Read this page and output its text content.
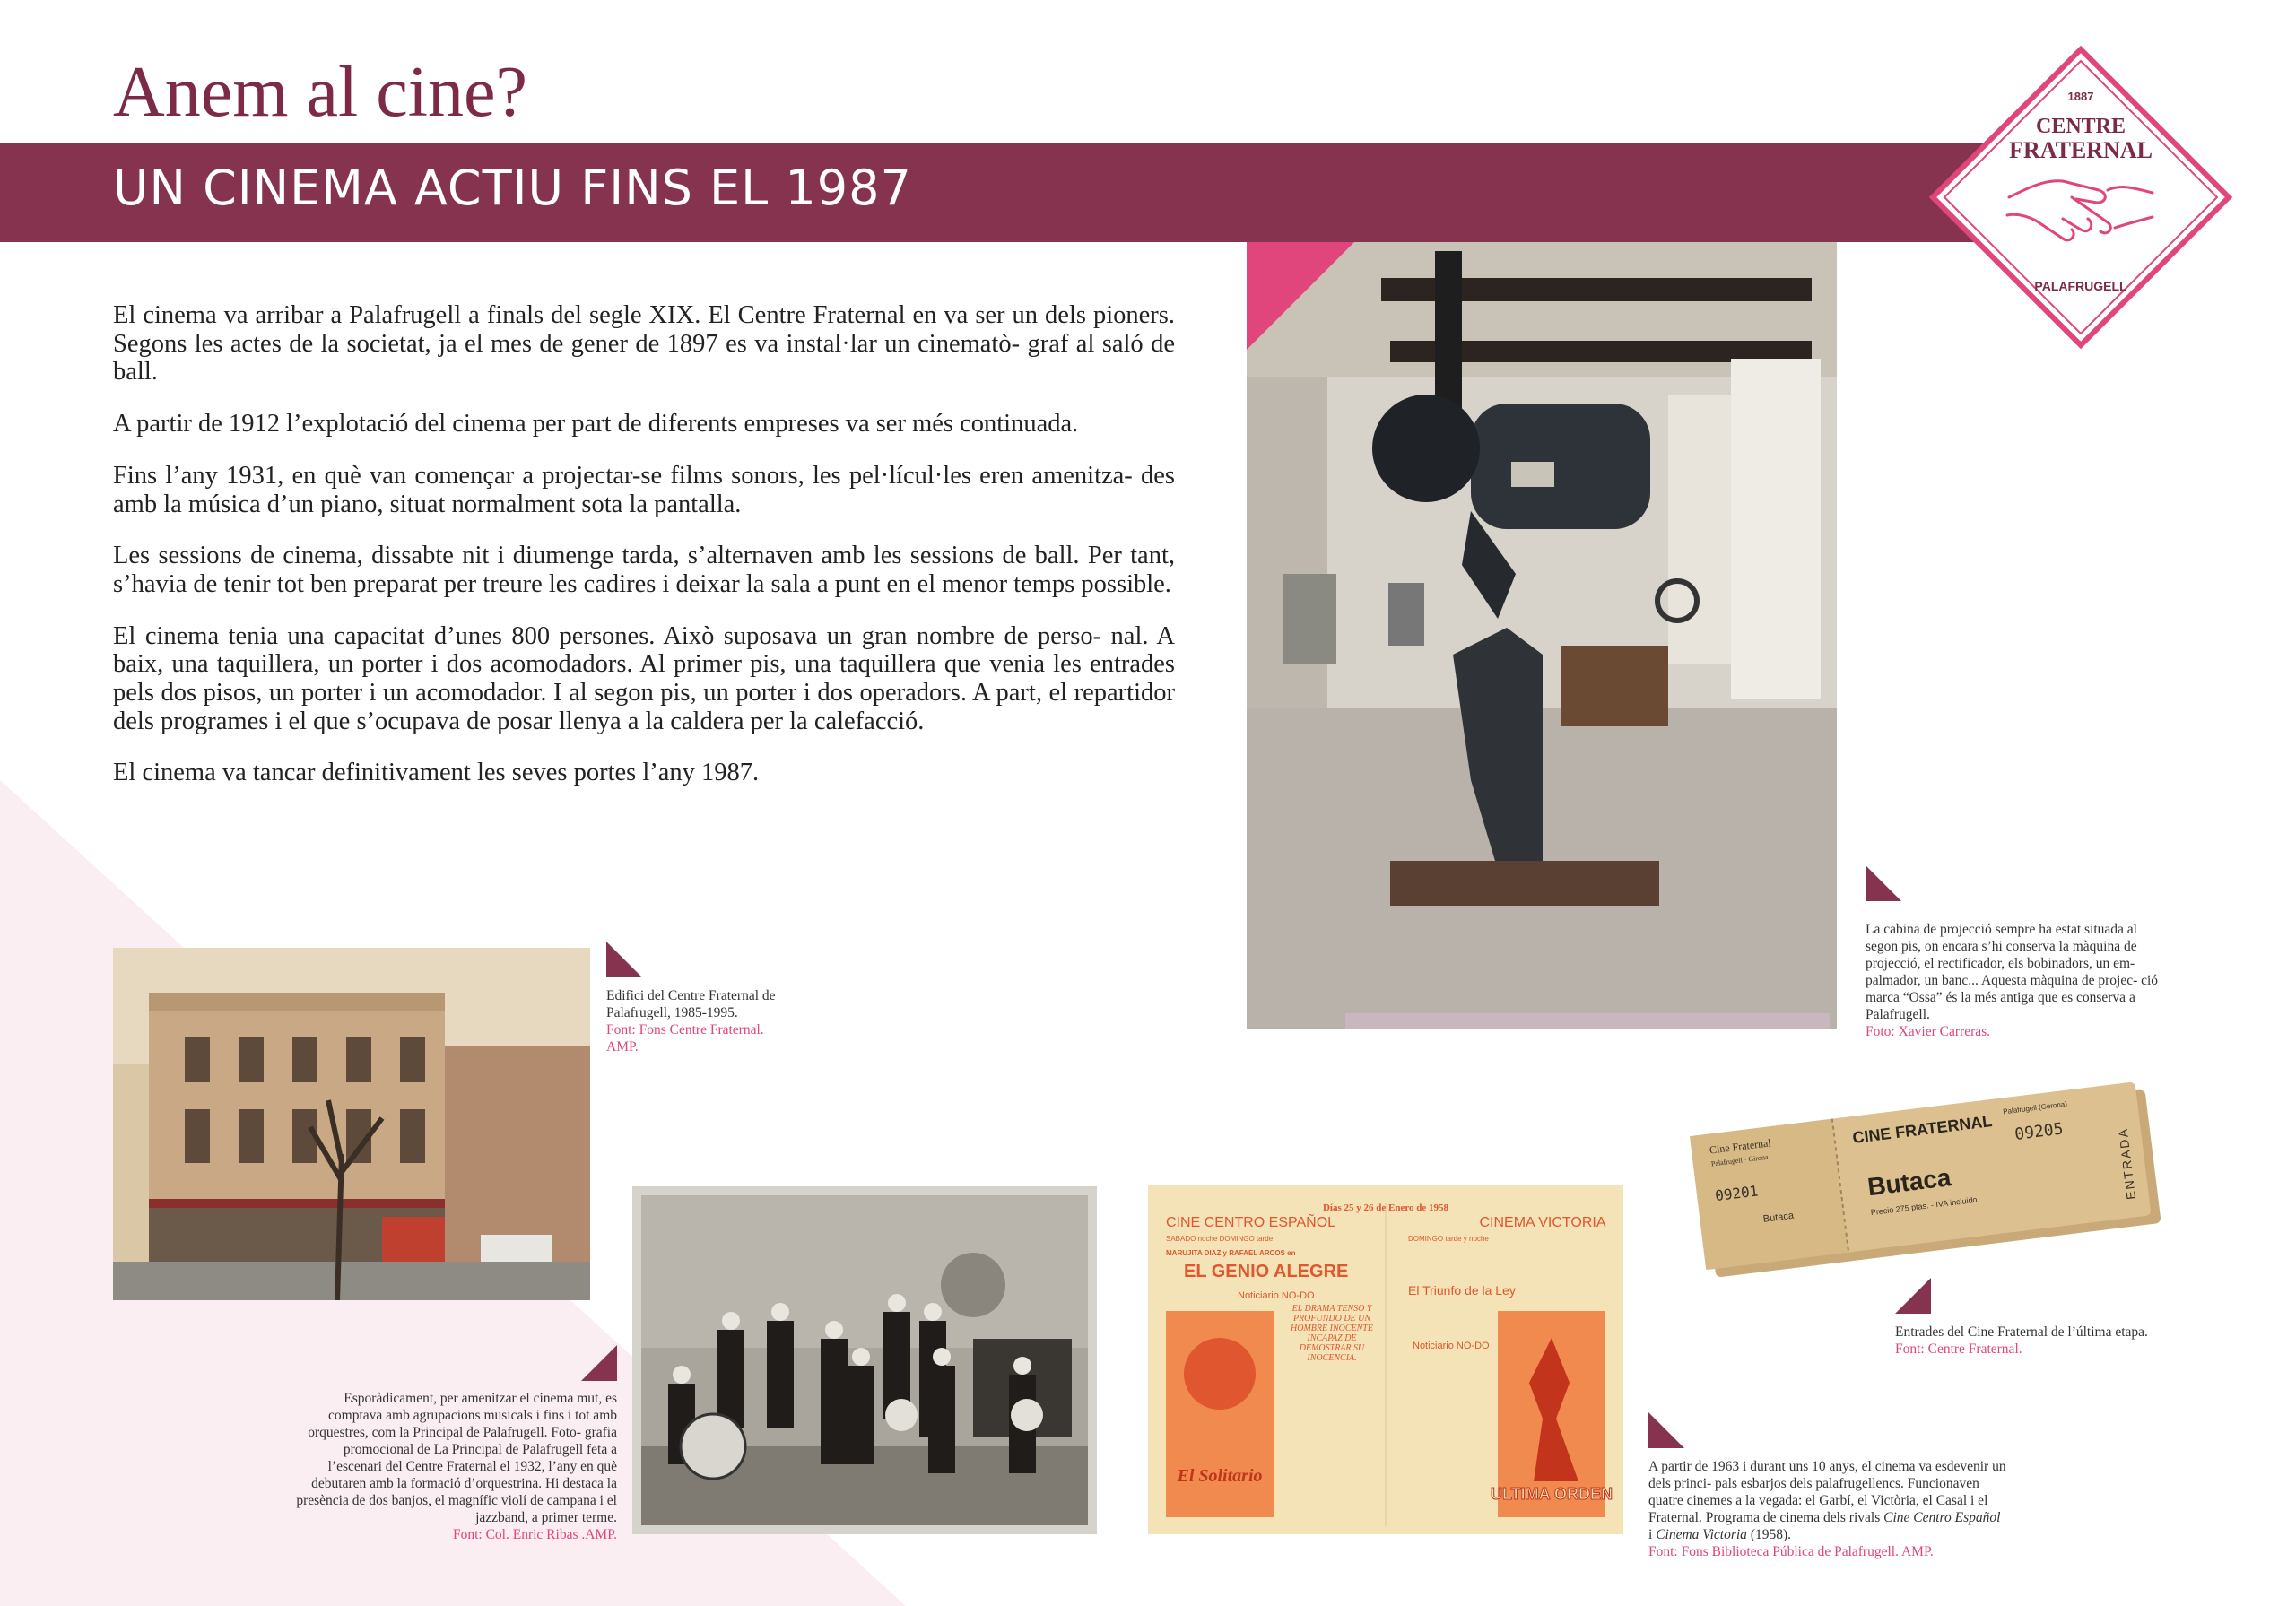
Anem al cine?
UN CINEMA ACTIU FINS EL 1987
1887
CENTRE
FRATERNAL
PALAFRUGELL

El cinema va arribar a Palafrugell a finals del segle XIX. El Centre Fraternal en va ser un dels pioners. Segons les actes de la societat, ja el mes de gener de 1897 es va instal·lar un cinematò- graf al saló de ball.

A partir de 1912 l’explotació del cinema per part de diferents empreses va ser més continuada.

Fins l’any 1931, en què van començar a projectar-se films sonors, les pel·lícul·les eren amenitza- des amb la música d’un piano, situat normalment sota la pantalla.

Les sessions de cinema, dissabte nit i diumenge tarda, s’alternaven amb les sessions de ball. Per tant, s’havia de tenir tot ben preparat per treure les cadires i deixar la sala a punt en el menor temps possible.

El cinema tenia una capacitat d’unes 800 persones. Això suposava un gran nombre de perso- nal. A baix, una taquillera, un porter i dos acomodadors. Al primer pis, una taquillera que venia les entrades pels dos pisos, un porter i un acomodador. I al segon pis, un porter i dos operadors. A part, el repartidor dels programes i el que s’ocupava de posar llenya a la caldera per la calefacció.

El cinema va tancar definitivament les seves portes l’any 1987.

La cabina de projecció sempre ha estat situada al segon pis, on encara s’hi conserva la màquina de projecció, el rectificador, els bobinadors, un em- palmador, un banc... Aquesta màquina de projec- ció marca “Ossa” és la més antiga que es conserva a Palafrugell.
Foto: Xavier Carreras.
Edifici del Centre Fraternal de Palafrugell, 1985-1995.
Font: Fons Centre Fraternal. AMP.
Esporàdicament, per amenitzar el cinema mut, es comptava amb agrupacions musicals i fins i tot amb orquestres, com la Principal de Palafrugell. Foto- grafia promocional de La Principal de Palafrugell feta a l’escenari del Centre Fraternal el 1932, l’any en què debutaren amb la formació d’orquestrina. Hi destaca la presència de dos banjos, el magnífic violí de campana i el jazzband, a primer terme.
Font: Col. Enric Ribas .AMP.
Días 25 y 26 de Enero de 1958
CINE CENTRO ESPAÑOL
SABADO noche DOMINGO tarde
MARUJITA DIAZ y RAFAEL ARCOS en
EL GENIO ALEGRE
Noticiario NO-DO
EL DRAMA TENSO Y PROFUNDO DE UN HOMBRE INOCENTE INCAPAZ DE DEMOSTRAR SU INOCENCIA.
El Solitario
CINEMA VICTORIA
DOMINGO tarde y noche
El Triunfo de la Ley
Noticiario NO-DO
ULTIMA ORDEN
A partir de 1963 i durant uns 10 anys, el cinema va esdevenir un dels princi- pals esbarjos dels palafrugellencs. Funcionaven quatre cinemes a la vegada: el Garbí, el Victòria, el Casal i el Fraternal. Programa de cinema dels rivals Cine Centro Español i Cinema Victoria (1958).
Font: Fons Biblioteca Pública de Palafrugell. AMP.
Cine Fraternal
Palafrugell · Girona
09201
Butaca
CINE FRATERNAL
Palafrugell (Gerona)
09205
Butaca
Precio 275 ptas. - IVA incluido
ENTRADA
Entrades del Cine Fraternal de l’última etapa.
Font: Centre Fraternal.
